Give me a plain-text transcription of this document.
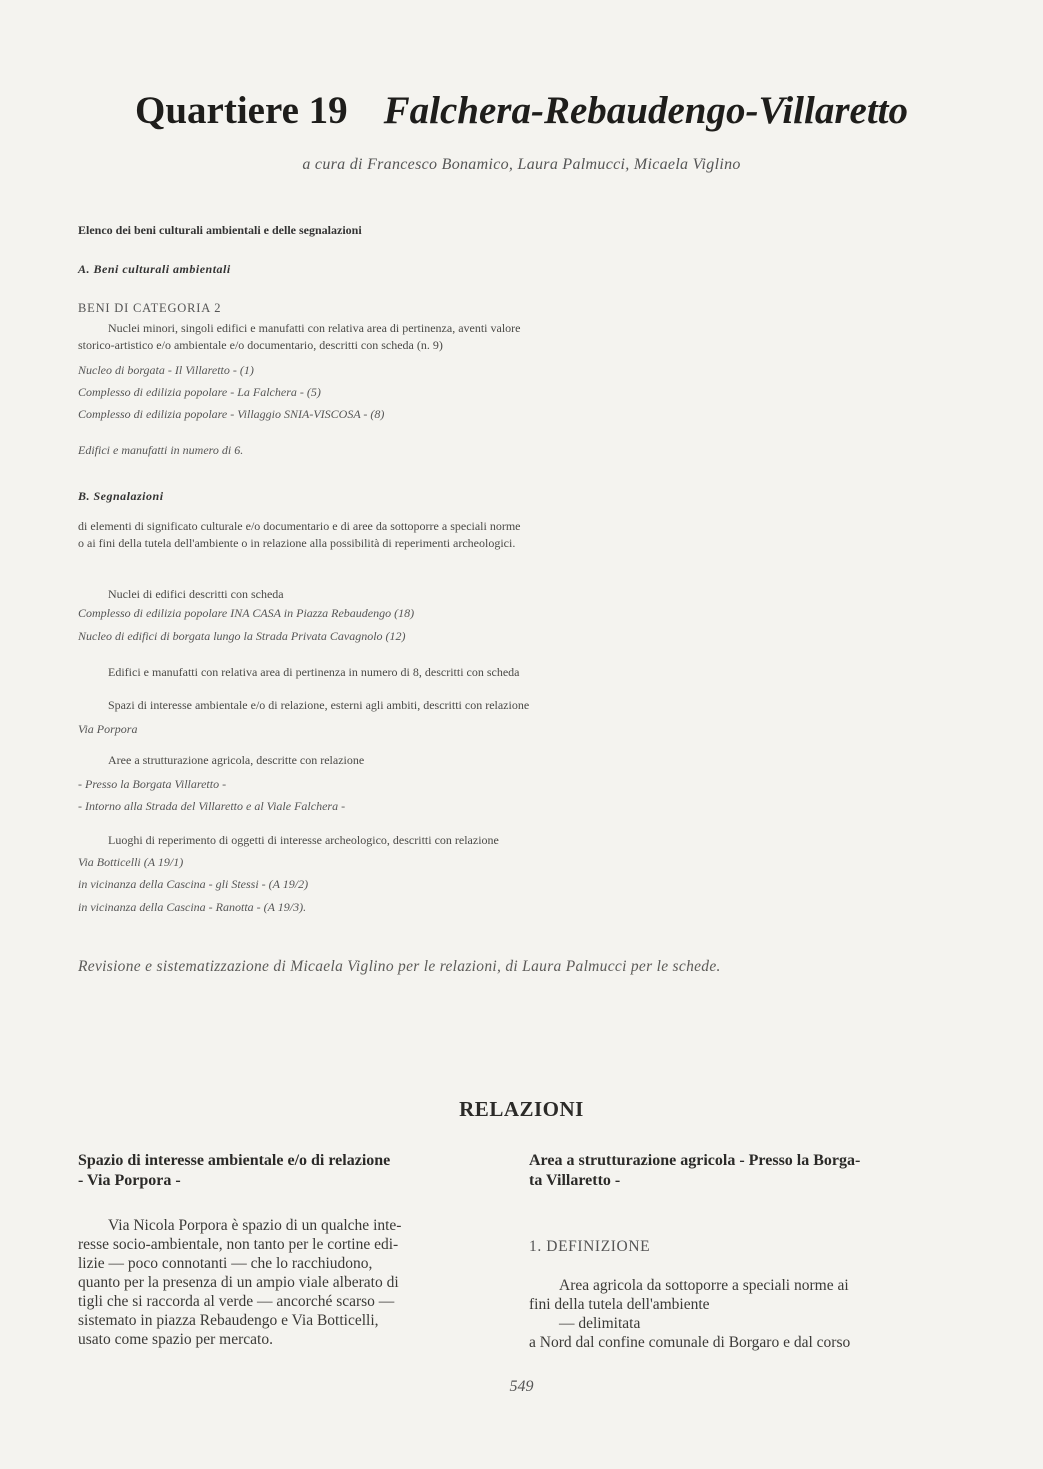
Quartiere 19 Falchera-Rebaudengo-Villaretto
a cura di Francesco Bonamico, Laura Palmucci, Micaela Viglino
Elenco dei beni culturali ambientali e delle segnalazioni
A. Beni culturali ambientali
BENI DI CATEGORIA 2
Nuclei minori, singoli edifici e manufatti con relativa area di pertinenza, aventi valore
storico-artistico e/o ambientale e/o documentario, descritti con scheda (n. 9)
Nucleo di borgata - Il Villaretto - (1)
Complesso di edilizia popolare - La Falchera - (5)
Complesso di edilizia popolare - Villaggio SNIA-VISCOSA - (8)
Edifici e manufatti in numero di 6.
B. Segnalazioni
di elementi di significato culturale e/o documentario e di aree da sottoporre a speciali norme
o ai fini della tutela dell'ambiente o in relazione alla possibilità di reperimenti archeologici.
Nuclei di edifici descritti con scheda
Complesso di edilizia popolare INA CASA in Piazza Rebaudengo (18)
Nucleo di edifici di borgata lungo la Strada Privata Cavagnolo (12)
Edifici e manufatti con relativa area di pertinenza in numero di 8, descritti con scheda
Spazi di interesse ambientale e/o di relazione, esterni agli ambiti, descritti con relazione
Via Porpora
Aree a strutturazione agricola, descritte con relazione
- Presso la Borgata Villaretto -
- Intorno alla Strada del Villaretto e al Viale Falchera -
Luoghi di reperimento di oggetti di interesse archeologico, descritti con relazione
Via Botticelli (A 19/1)
in vicinanza della Cascina - gli Stessi - (A 19/2)
in vicinanza della Cascina - Ranotta - (A 19/3).
Revisione e sistematizzazione di Micaela Viglino per le relazioni, di Laura Palmucci per le schede.
RELAZIONI
Spazio di interesse ambientale e/o di relazione
- Via Porpora -
Via Nicola Porpora è spazio di un qualche inte-
resse socio-ambientale, non tanto per le cortine edi-
lizie — poco connotanti — che lo racchiudono,
quanto per la presenza di un ampio viale alberato di
tigli che si raccorda al verde — ancorché scarso —
sistemato in piazza Rebaudengo e Via Botticelli,
usato come spazio per mercato.
Area a strutturazione agricola - Presso la Borga-
ta Villaretto -
1. DEFINIZIONE
Area agricola da sottoporre a speciali norme ai
fini della tutela dell'ambiente
— delimitata
a Nord dal confine comunale di Borgaro e dal corso
549
